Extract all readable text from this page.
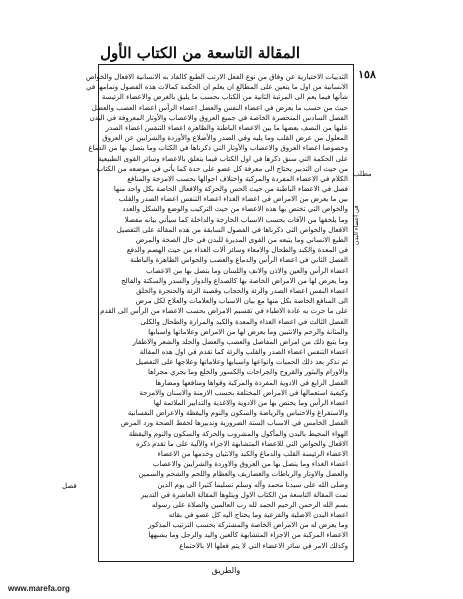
المقالة التاسعة من الكتاب الأول
١٥٨
الثدييات الاختيارية عن وفاق من نوع الفعل الارتب الطبع كالفاد به الانسانية الافعال والخواص
الانسانية من اول ما يتعين على المطالع ان يعلم ان الحكمة كمالات هذه الفصول وتمامها في
شأنها فيما يعم الى المرتبة الثانية من الكتاب بحسب ما يليق بالغرض والاعضاء الرئيسة
حيث من حسب ما يعرض في اعضاء النفس والعضل اعضاء الرأس اعضاء العصب والعضل
الفصل السادس المنحصرة الخاصة في جميع العروق والاعصاب والأوتار المعروفة في البدن
عليها من النصف بعضها ما بين الاعضاء الباطنة والظاهرة اعضاء التنفس اعضاء الصدر
المعلول من عرض القلب وما يليه وفي الصدر والأضلاع والأوردة والشرايين عن العروق
وخصوصا اعضاء العروق والاعصاب والأوتار التي ذكرناها في الكتاب وما يتصل بها من الدماغ
على الحكمة التي سبق ذكرها في اول الكتاب فيما يتعلق بالاعضاء وسائر القوى الطبيعية
من حيث ان التدبير يحتاج الى معرفة كل عضو على حدة كما يأتي في موضعه من الكتاب
الكلام في الاعضاء المفردة والمركبة واختلاف احوالها بحسب الامزجة والمنافع
فصل في الاعضاء الباطنة من حيث الحس والحركة والافعال الخاصة بكل واحد منها
بين ما يعرض من الامراض في اعضاء الغذاء اعضاء التنفس اعضاء الصدر والقلب
والخواص التي تختص بها هذه الاعضاء من حيث التركيب والوضع والشكل والعدد
وما يلحقها من الآفات بحسب الاسباب الخارجة والداخلة كما سيأتي بيانه مفصلا
الافعال والخواص التي ذكرناها في الفصول السابقة من هذه المقالة على التفصيل
الطبع الانساني وما يتبعه من القوى المدبرة للبدن في حال الصحة والمرض
في المعدة والكبد والطحال والامعاء وسائر آلات الغذاء من حيث الهضم والدفع
الفصل الثاني في اعضاء الرأس والدماغ والعصب والحواس الظاهرة والباطنة
اعضاء الرأس والعين والاذن والانف واللسان وما يتصل بها من الاعصاب
وما يعرض لها من الامراض الخاصة بها كالصداع والدوار والسدر والسكتة والفالج
اعضاء النفس اعضاء الصدر والرئة والحجاب وقصبة الرئة والحنجرة والحلق
الى المنافع الخاصة بكل منها مع بيان الاسباب والعلامات والعلاج لكل مرض
على ما جرت به عادة الاطباء في تقسيم الامراض بحسب الاعضاء من الرأس الى القدم
الفصل الثالث في اعضاء الغذاء والمعدة والكبد والمرارة والطحال والكلى
والمثانة والرحم والانثيين وما يعرض لها من الامراض وعلاماتها واسبابها
وما يتبع ذلك من امراض المفاصل والعصب والعضل والجلد والشعر والاظفار
اعضاء التنفس اعضاء الصدر والقلب والرئة كما تقدم في اول هذه المقالة
ثم نذكر بعد ذلك الحميات وانواعها واسبابها وعلاماتها وعلاجها على التفصيل
والاورام والبثور والقروح والجراحات والكسور والخلع وما يجري مجراها
الفصل الرابع في الادوية المفردة والمركبة وقواها ومنافعها ومضارها
وكيفية استعمالها في الامراض المختلفة بحسب الازمنة والاسنان والامزجة
اعضاء الرأس وما يختص بها من الادوية والاغذية والتدابير الملائمة لها
والاستفراغ والاحتباس والرياضة والسكون والنوم واليقظة والاعراض النفسانية
الفصل الخامس في الاسباب الستة الضرورية وتدبيرها لحفظ الصحة ورد المرض
الهواء المحيط بالبدن والمأكول والمشروب والحركة والسكون والنوم واليقظة
الافعال والخواص التي للاعضاء المتشابهة الاجزاء والآلية على ما تقدم ذكره
الاعضاء الرئيسة القلب والدماغ والكبد والانثيان وخدمها من الاعضاء
اعضاء الغذاء وما يتصل بها من العروق والاوردة والشرايين والاعصاب
والعضل والاوتار والرباطات والغضاريف والعظام واللحم والشحم والسمين
وصلى الله على سيدنا محمد وآله وسلم تسليما كثيرا الى يوم الدين
تمت المقالة التاسعة من الكتاب الاول ويتلوها المقالة العاشرة في التدبير
بسم الله الرحمن الرحيم الحمد لله رب العالمين والصلاة على رسوله
اعضاء البدن الاصلية والفرعية وما يحتاج اليه كل عضو في بقائه
وما يعرض له من الامراض الخاصة والمشتركة بحسب الترتيب المذكور
الاعضاء المركبة من الاجزاء المتشابهة كالعين واليد والرجل وما يشبهها
وكذلك الامر في سائر الاعضاء التي لا يتم فعلها الا بالاجتماع
مطلب
في أعضاء البدن
فصل
والطريق
www.marefa.org
